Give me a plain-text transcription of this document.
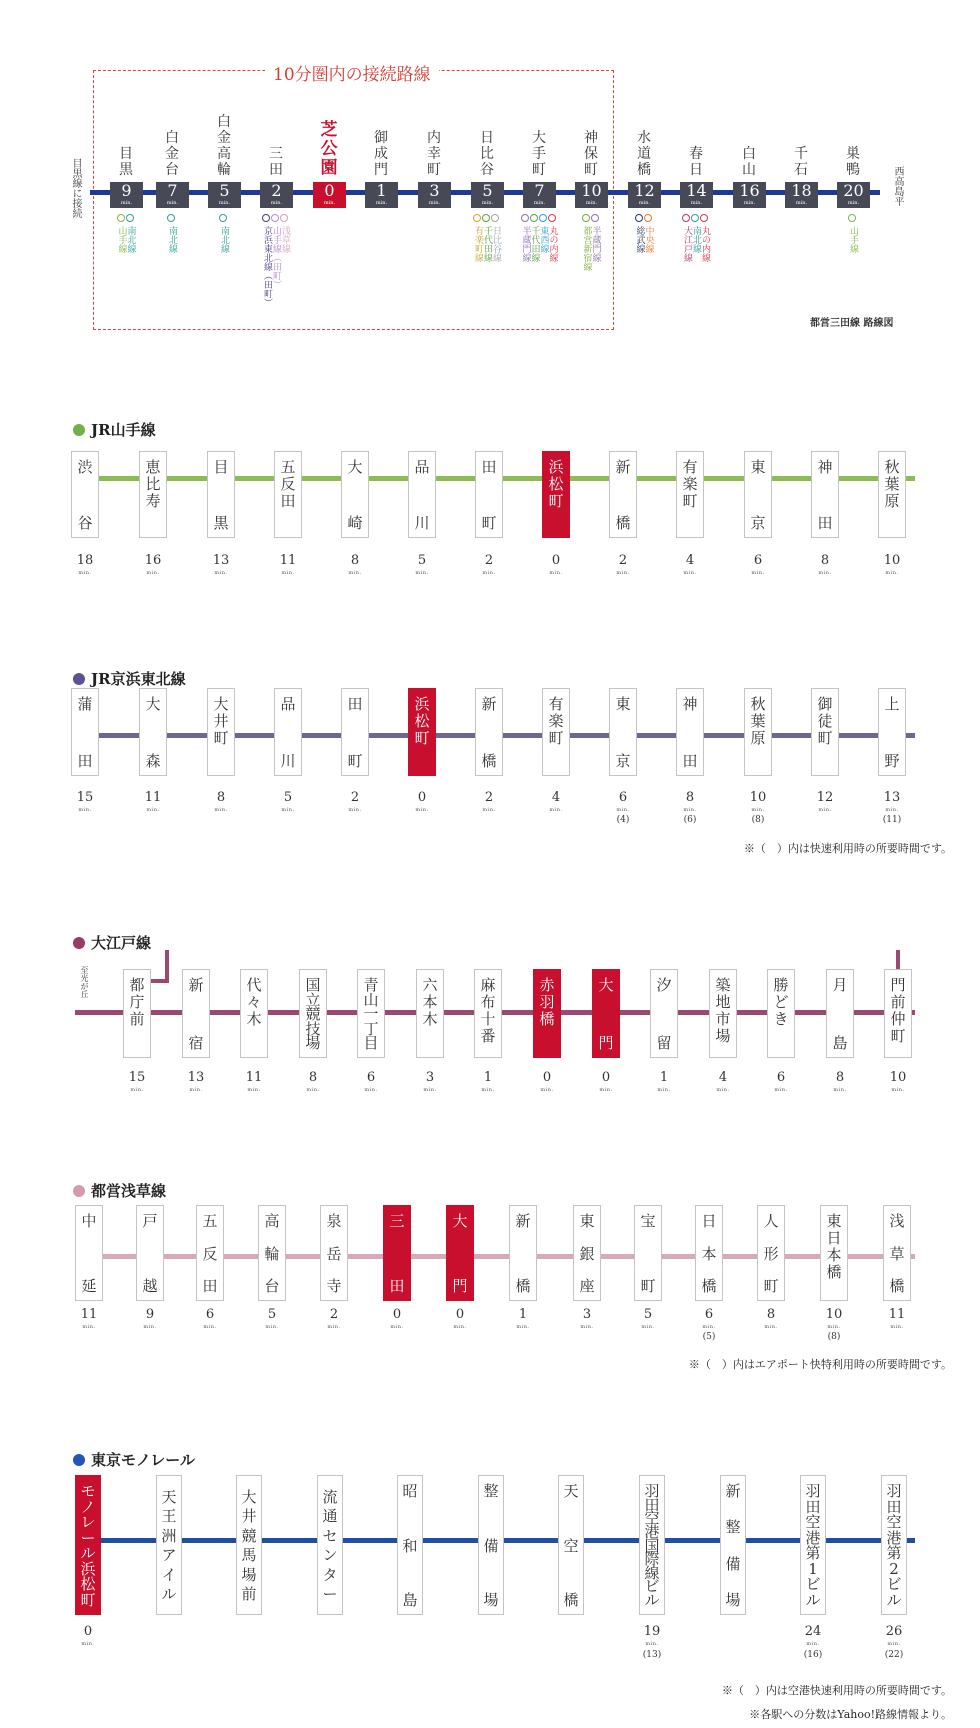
10分圏内の接続路線
目黒線に接続	西高島平
都営三田線 路線図
目黒
9
min.
山手線 南北線
白金台
7
min.
南北線
白金高輪
5
min.
南北線
三田
2
min.
京浜東北線（田町） 山手線（田町） 浅草線
芝公園
0
min.
御成門
1
min.
内幸町
3
min.
日比谷
5
min.
有楽町線 千代田線 日比谷線
大手町
7
min.
半蔵門線 千代田線 東西線 丸の内線
神保町
10
min.
都営新宿線 半蔵門線
水道橋
12
min.
総武線 中央線
春日
14
min.
大江戸線 南北線 丸の内線
白山
16
min.
千石
18
min.
巣鴨
20
min.
山手線
JR山手線
渋
谷
18
min.
恵
比
寿
16
min.
目
黒
13
min.
五
反
田
11
min.
大
崎
8
min.
品
川
5
min.
田
町
2
min.
浜
松
町
0
min.
新
橋
2
min.
有
楽
町
4
min.
東
京
6
min.
神
田
8
min.
秋
葉
原
10
min.
JR京浜東北線
蒲
田
15
min.
大
森
11
min.
大
井
町
8
min.
品
川
5
min.
田
町
2
min.
浜
松
町
0
min.
新
橋
2
min.
有
楽
町
4
min.
東
京
6
min.
(4)
神
田
8
min.
(6)
秋
葉
原
10
min.
(8)
御
徒
町
12
min.
上
野
13
min.
(11)
※（　）内は快速利用時の所要時間です。
大江戸線
至光が丘	都
庁
前
15
min.
新
宿
13
min.
代
々
木
11
min.
国
立
競
技
場
8
min.
青
山
一
丁
目
6
min.
六
本
木
3
min.
麻
布
十
番
1
min.
赤
羽
橋
0
min.
大
門
0
min.
汐
留
1
min.
築
地
市
場
4
min.
勝
ど
き
6
min.
月
島
8
min.
門
前
仲
町
10
min.
都営浅草線
中
延
11
min.
戸
越
9
min.
五
反
田
6
min.
高
輪
台
5
min.
泉
岳
寺
2
min.
三
田
0
min.
大
門
0
min.
新
橋
1
min.
東
銀
座
3
min.
宝
町
5
min.
日
本
橋
6
min.
(5)
人
形
町
8
min.
東
日
本
橋
10
min.
(8)
浅
草
橋
11
min.
※（　）内はエアポート快特利用時の所要時間です。
東京モノレール
モ
ノ
レ
ー
ル
浜
松
町
0
min.
天
王
洲
ア
イ
ル
大
井
競
馬
場
前
流
通
セ
ン
タ
ー
昭
和
島
整
備
場
天
空
橋
羽
田
空
港
国
際
線
ビ
ル
19
min.
(13)
新
整
備
場
羽
田
空
港
第
1
ビ
ル
24
min.
(16)
羽
田
空
港
第
2
ビ
ル
26
min.
(22)
※（　）内は空港快速利用時の所要時間です。
※各駅への分数はYahoo!路線情報より。
